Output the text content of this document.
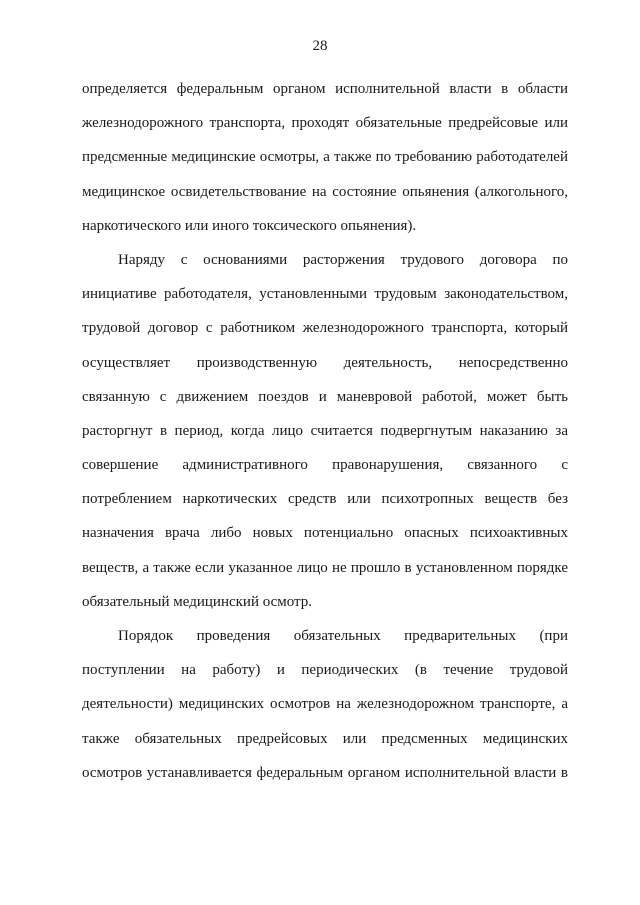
28
определяется федеральным органом исполнительной власти в области
железнодорожного транспорта, проходят обязательные предрейсовые или
предсменные медицинские осмотры, а также по требованию работодателей
медицинское освидетельствование на состояние опьянения (алкогольного,
наркотического или иного токсического опьянения).
Наряду с основаниями расторжения трудового договора по
инициативе работодателя, установленными трудовым законодательством,
трудовой договор с работником железнодорожного транспорта, который
осуществляет производственную деятельность, непосредственно
связанную с движением поездов и маневровой работой, может быть
расторгнут в период, когда лицо считается подвергнутым наказанию за
совершение административного правонарушения, связанного с
потреблением наркотических средств или психотропных веществ без
назначения врача либо новых потенциально опасных психоактивных
веществ, а также если указанное лицо не прошло в установленном порядке
обязательный медицинский осмотр.
Порядок проведения обязательных предварительных (при
поступлении на работу) и периодических (в течение трудовой
деятельности) медицинских осмотров на железнодорожном транспорте, а
также обязательных предрейсовых или предсменных медицинских
осмотров устанавливается федеральным органом исполнительной власти в
